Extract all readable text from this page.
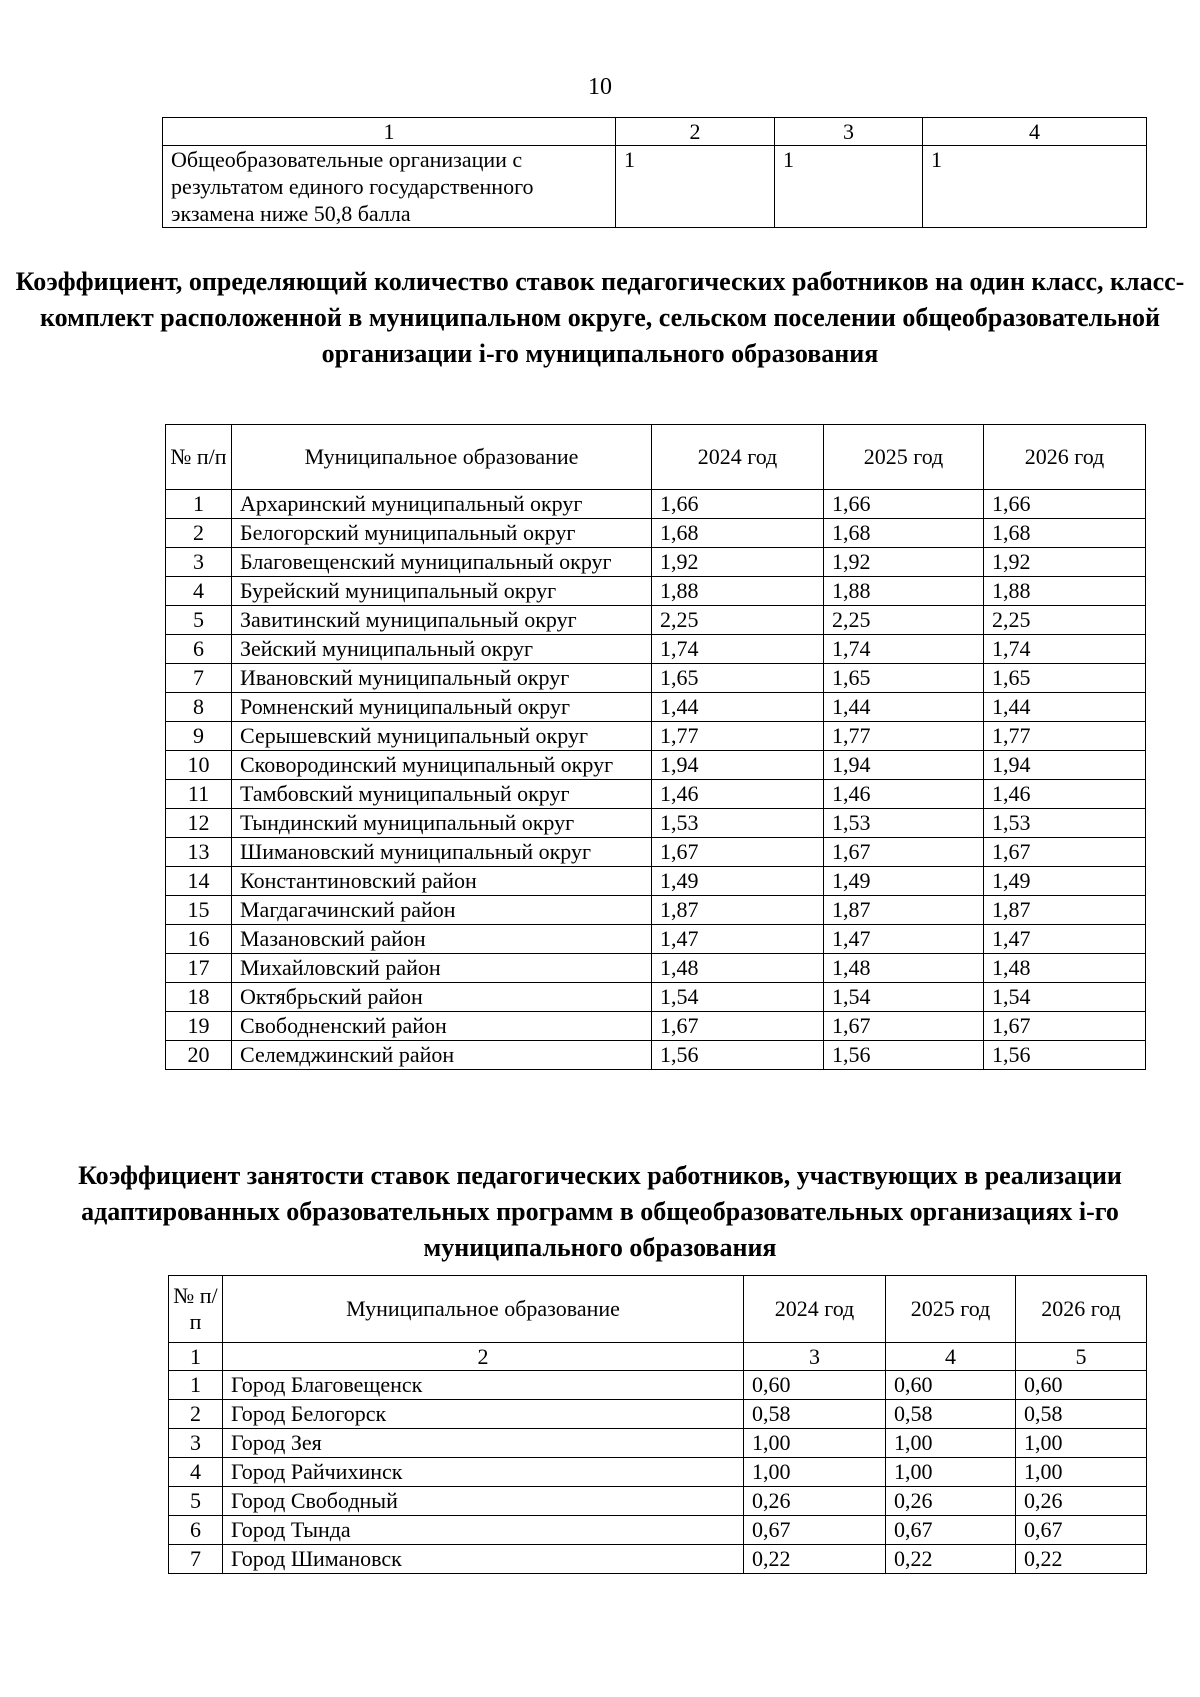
10
1	2	3	4
Общеобразовательные организации с результатом единого государственного экзамена ниже 50,8 балла	1	1	1
Коэффициент, определяющий количество ставок педагогических работников на один класс, класс-комплект расположенной в муниципальном округе, сельском поселении общеобразовательной организации i-го муниципального образования
№ п/п	Муниципальное образование	2024 год	2025 год	2026 год
1	Архаринский муниципальный округ	1,66	1,66	1,66
2	Белогорский муниципальный округ	1,68	1,68	1,68
3	Благовещенский муниципальный округ	1,92	1,92	1,92
4	Бурейский муниципальный округ	1,88	1,88	1,88
5	Завитинский муниципальный округ	2,25	2,25	2,25
6	Зейский муниципальный округ	1,74	1,74	1,74
7	Ивановский муниципальный округ	1,65	1,65	1,65
8	Ромненский муниципальный округ	1,44	1,44	1,44
9	Серышевский муниципальный округ	1,77	1,77	1,77
10	Сковородинский муниципальный округ	1,94	1,94	1,94
11	Тамбовский муниципальный округ	1,46	1,46	1,46
12	Тындинский муниципальный округ	1,53	1,53	1,53
13	Шимановский муниципальный округ	1,67	1,67	1,67
14	Константиновский район	1,49	1,49	1,49
15	Магдагачинский район	1,87	1,87	1,87
16	Мазановский район	1,47	1,47	1,47
17	Михайловский район	1,48	1,48	1,48
18	Октябрьский район	1,54	1,54	1,54
19	Свободненский район	1,67	1,67	1,67
20	Селемджинский район	1,56	1,56	1,56
Коэффициент занятости ставок педагогических работников, участвующих в реализации адаптированных образовательных программ в общеобразовательных организациях i-го муниципального образования
№ п/п	Муниципальное образование	2024 год	2025 год	2026 год
1	2	3	4	5
1	Город Благовещенск	0,60	0,60	0,60
2	Город Белогорск	0,58	0,58	0,58
3	Город Зея	1,00	1,00	1,00
4	Город Райчихинск	1,00	1,00	1,00
5	Город Свободный	0,26	0,26	0,26
6	Город Тында	0,67	0,67	0,67
7	Город Шимановск	0,22	0,22	0,22
